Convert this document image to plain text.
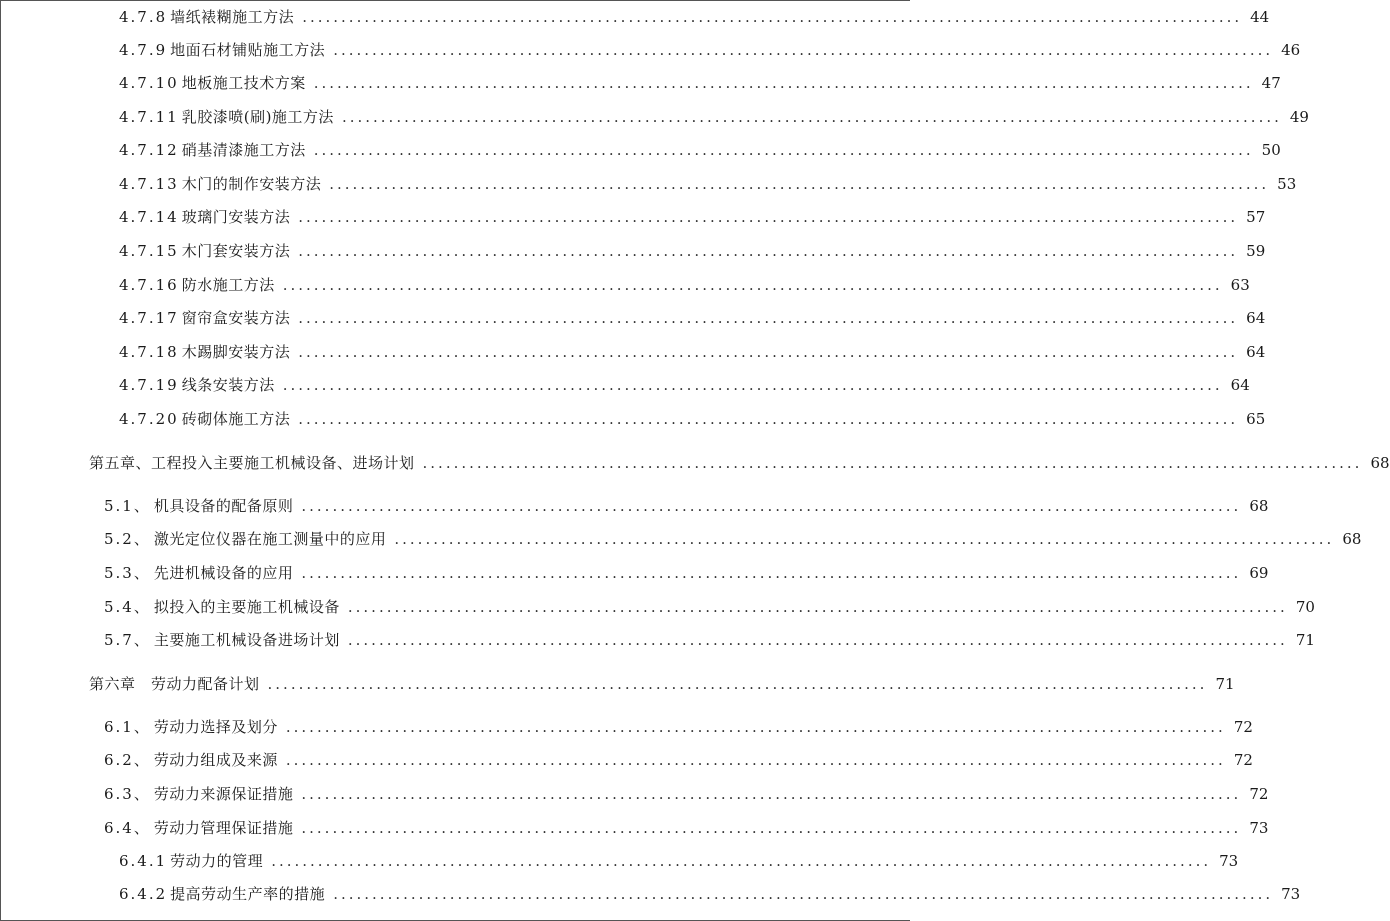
4.7.8 墙纸裱糊施工方法 ......................................................................................................................... 44
4.7.9 地面石材铺贴施工方法 ......................................................................................................................... 46
4.7.10 地板施工技术方案 ......................................................................................................................... 47
4.7.11 乳胶漆喷(刷)施工方法 ......................................................................................................................... 49
4.7.12 硝基清漆施工方法 ......................................................................................................................... 50
4.7.13 木门的制作安装方法 ......................................................................................................................... 53
4.7.14 玻璃门安装方法 ......................................................................................................................... 57
4.7.15 木门套安装方法 ......................................................................................................................... 59
4.7.16 防水施工方法 ......................................................................................................................... 63
4.7.17 窗帘盒安装方法 ......................................................................................................................... 64
4.7.18 木踢脚安装方法 ......................................................................................................................... 64
4.7.19 线条安装方法 ......................................................................................................................... 64
4.7.20 砖砌体施工方法 ......................................................................................................................... 65
第五章、工程投入主要施工机械设备、进场计划 ......................................................................................................................... 68
5.1、 机具设备的配备原则 ......................................................................................................................... 68
5.2、 激光定位仪器在施工测量中的应用 ......................................................................................................................... 68
5.3、 先进机械设备的应用 ......................................................................................................................... 69
5.4、 拟投入的主要施工机械设备 ......................................................................................................................... 70
5.7、 主要施工机械设备进场计划 ......................................................................................................................... 71
第六章　劳动力配备计划 ......................................................................................................................... 71
6.1、 劳动力选择及划分 ......................................................................................................................... 72
6.2、 劳动力组成及来源 ......................................................................................................................... 72
6.3、 劳动力来源保证措施 ......................................................................................................................... 72
6.4、 劳动力管理保证措施 ......................................................................................................................... 73
6.4.1 劳动力的管理 ......................................................................................................................... 73
6.4.2 提高劳动生产率的措施 ......................................................................................................................... 73
